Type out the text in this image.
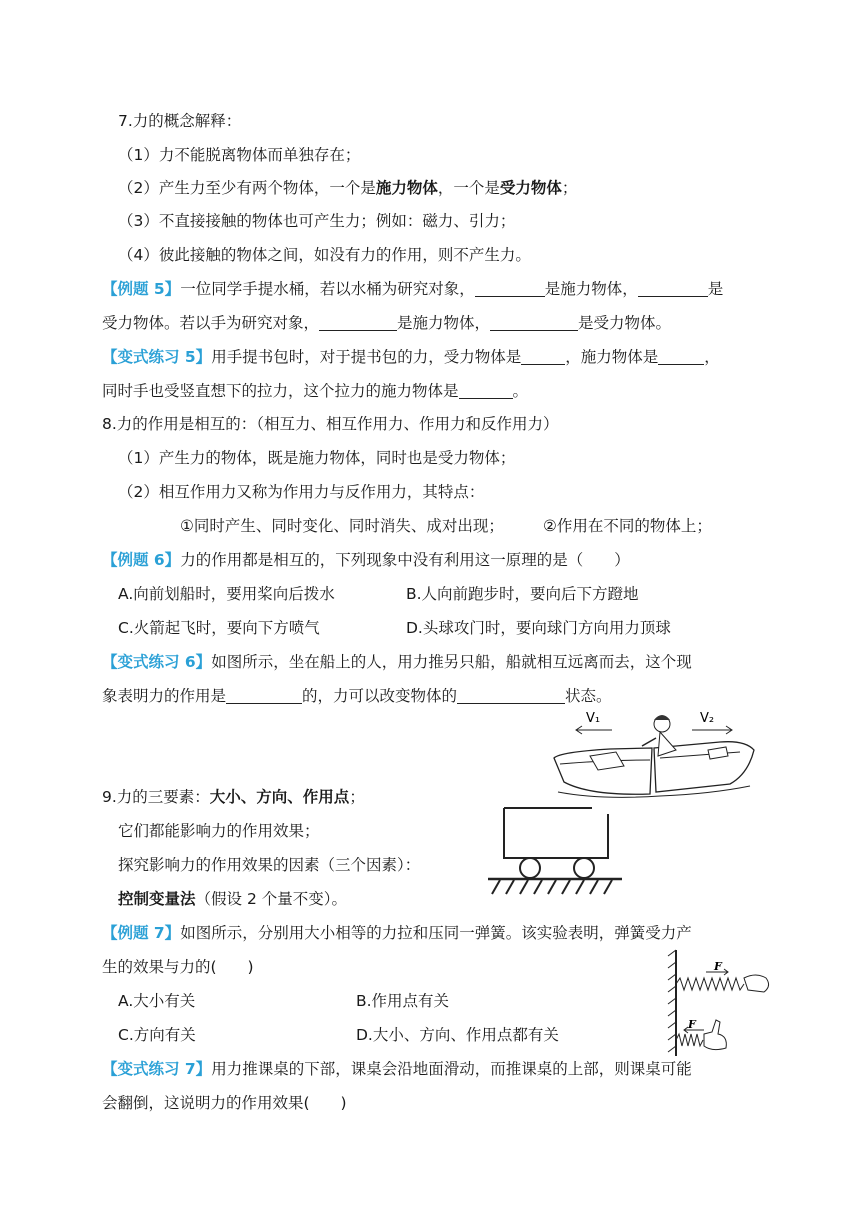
7.力的概念解释：
（1）力不能脱离物体而单独存在；
（2）产生力至少有两个物体，一个是施力物体，一个是受力物体；
（3）不直接接触的物体也可产生力；例如：磁力、引力；
（4）彼此接触的物体之间，如没有力的作用，则不产生力。
【例题 5】一位同学手提水桶，若以水桶为研究对象，	是施力物体，	是
受力物体。若以手为研究对象，	是施力物体，	是受力物体。
【变式练习 5】用手提书包时，对于提书包的力，受力物体是	，施力物体是	，
同时手也受竖直想下的拉力，这个拉力的施力物体是	。
8.力的作用是相互的：（相互力、相互作用力、作用力和反作用力）
（1）产生力的物体，既是施力物体，同时也是受力物体；
（2）相互作用力又称为作用力与反作用力，其特点：
①同时产生、同时变化、同时消失、成对出现；	②作用在不同的物体上；
【例题 6】力的作用都是相互的，下列现象中没有利用这一原理的是（　　）
A.向前划船时，要用桨向后拨水	B.人向前跑步时，要向后下方蹬地
C.火箭起飞时，要向下方喷气	D.头球攻门时，要向球门方向用力顶球
【变式练习 6】如图所示，坐在船上的人，用力推另只船，船就相互远离而去，这个现
象表明力的作用是	的，力可以改变物体的	状态。
V₁	V₂
9.力的三要素：大小、方向、作用点；
它们都能影响力的作用效果；
探究影响力的作用效果的因素（三个因素）：
控制变量法（假设 2 个量不变）。
【例题 7】如图所示，分别用大小相等的力拉和压同一弹簧。该实验表明，弹簧受力产
生的效果与力的(　　)
A.大小有关	B.作用点有关
C.方向有关	D.大小、方向、作用点都有关
F
F
【变式练习 7】用力推课桌的下部，课桌会沿地面滑动，而推课桌的上部，则课桌可能
会翻倒，这说明力的作用效果(　　)
